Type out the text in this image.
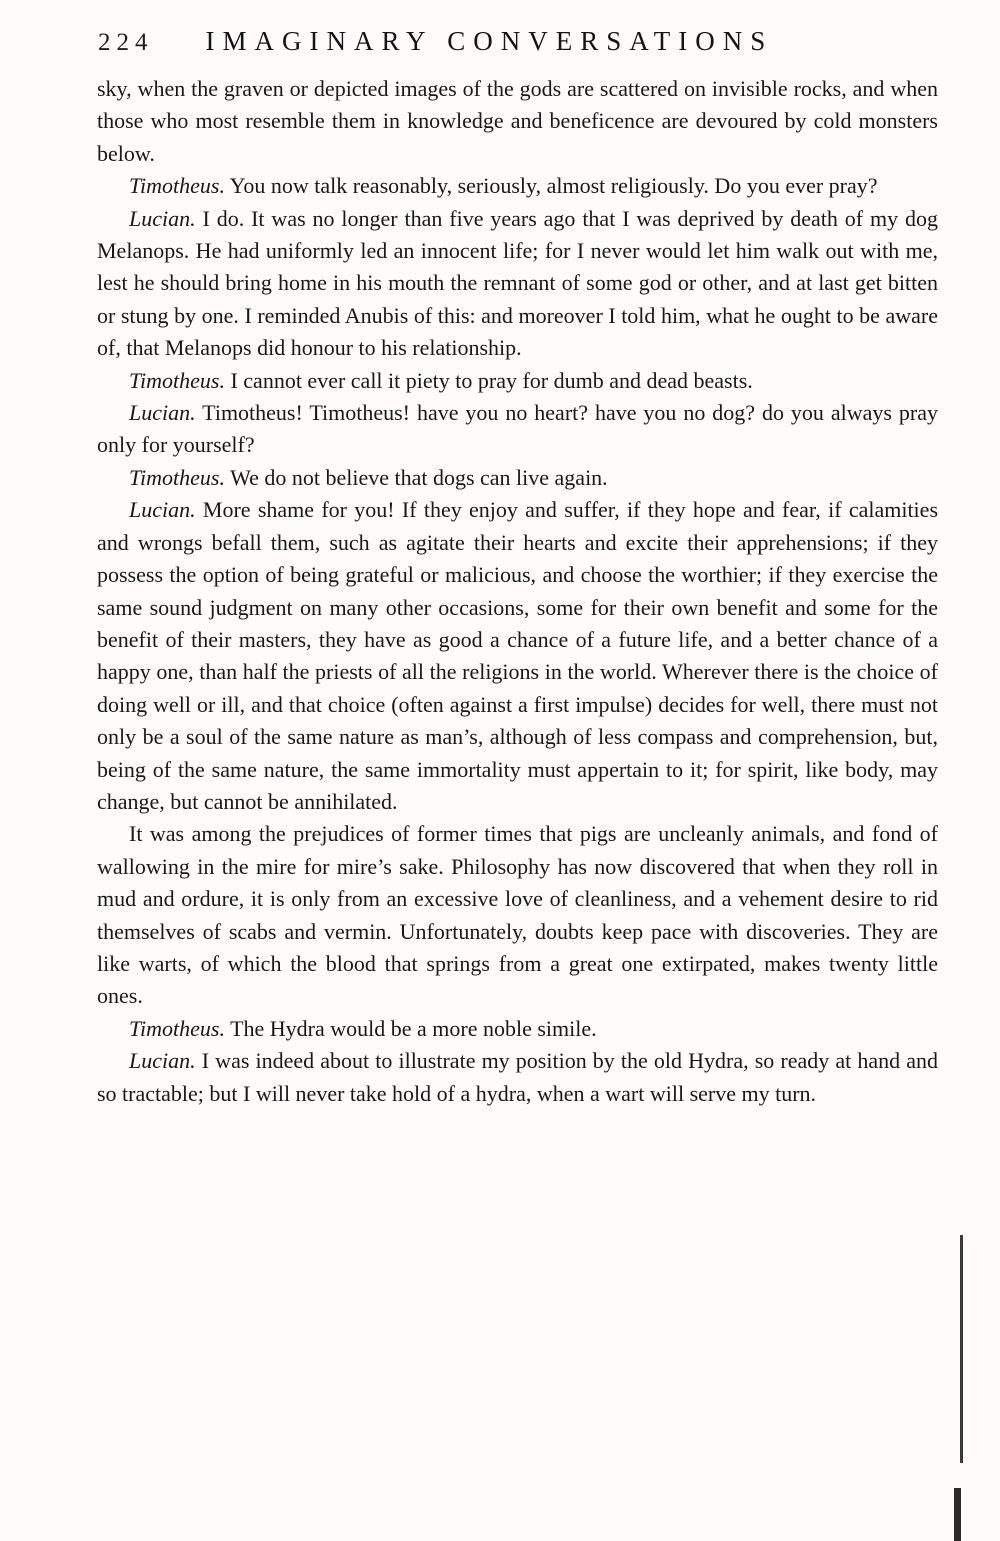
224 IMAGINARY CONVERSATIONS

sky, when the graven or depicted images of the gods are scattered on invisible rocks, and when those who most resemble them in knowledge and beneficence are devoured by cold monsters below.

Timotheus. You now talk reasonably, seriously, almost religiously. Do you ever pray?

Lucian. I do. It was no longer than five years ago that I was deprived by death of my dog Melanops. He had uniformly led an innocent life; for I never would let him walk out with me, lest he should bring home in his mouth the remnant of some god or other, and at last get bitten or stung by one. I reminded Anubis of this: and moreover I told him, what he ought to be aware of, that Melanops did honour to his relationship.

Timotheus. I cannot ever call it piety to pray for dumb and dead beasts.

Lucian. Timotheus! Timotheus! have you no heart? have you no dog? do you always pray only for yourself?

Timotheus. We do not believe that dogs can live again.

Lucian. More shame for you! If they enjoy and suffer, if they hope and fear, if calamities and wrongs befall them, such as agitate their hearts and excite their apprehensions; if they possess the option of being grateful or malicious, and choose the worthier; if they exercise the same sound judgment on many other occasions, some for their own benefit and some for the benefit of their masters, they have as good a chance of a future life, and a better chance of a happy one, than half the priests of all the religions in the world. Wherever there is the choice of doing well or ill, and that choice (often against a first impulse) decides for well, there must not only be a soul of the same nature as man’s, although of less compass and comprehension, but, being of the same nature, the same immortality must appertain to it; for spirit, like body, may change, but cannot be annihilated.

It was among the prejudices of former times that pigs are uncleanly animals, and fond of wallowing in the mire for mire’s sake. Philosophy has now discovered that when they roll in mud and ordure, it is only from an excessive love of cleanliness, and a vehement desire to rid themselves of scabs and vermin. Unfortunately, doubts keep pace with discoveries. They are like warts, of which the blood that springs from a great one extirpated, makes twenty little ones.

Timotheus. The Hydra would be a more noble simile.

Lucian. I was indeed about to illustrate my position by the old Hydra, so ready at hand and so tractable; but I will never take hold of a hydra, when a wart will serve my turn.
